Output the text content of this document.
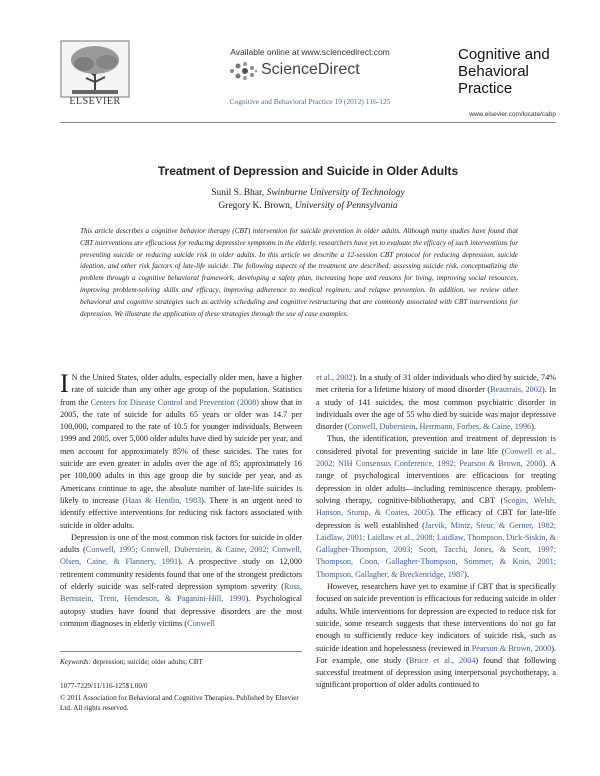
ELSEVIER
Available online at www.sciencedirect.com
ScienceDirect
Cognitive and Behavioral Practice 19 (2012) 116-125
Cognitive and
Behavioral
Practice
www.elsevier.com/locate/cabp
Treatment of Depression and Suicide in Older Adults
Sunil S. Bhar, Swinburne University of Technology
Gregory K. Brown, University of Pennsylvania
This article describes a cognitive behavior therapy (CBT) intervention for suicide prevention in older adults. Although many studies have found that CBT interventions are efficacious for reducing depressive symptoms in the elderly, researchers have yet to evaluate the efficacy of such interventions for preventing suicide or reducing suicide risk in older adults. In this article we describe a 12-session CBT protocol for reducing depression, suicide ideation, and other risk factors of late-life suicide. The following aspects of the treatment are described: assessing suicide risk, conceptualizing the problem through a cognitive behavioral framework, developing a safety plan, increasing hope and reasons for living, improving social resources, improving problem-solving skills and efficacy, improving adherence to medical regimen, and relapse prevention. In addition, we review other behavioral and cognitive strategies such as activity scheduling and cognitive restructuring that are commonly associated with CBT interventions for depression. We illustrate the application of these strategies through the use of case examples.

I N the United States, older adults, especially older men, have a higher rate of suicide than any other age group of the population. Statistics from the Centers for Disease Control and Prevention (2008) show that in 2005, the rate of suicide for adults 65 years or older was 14.7 per 100,000, compared to the rate of 10.5 for younger individuals. Between 1999 and 2005, over 5,000 older adults have died by suicide per year, and men account for approximately 85% of these suicides. The rates for suicide are even greater in adults over the age of 85; approximately 16 per 100,000 adults in this age group die by suicide per year, and as Americans continue to age, the absolute number of late-life suicides is likely to increase (Haas & Hendin, 1983). There is an urgent need to identify effective interventions for reducing risk factors associated with suicide in older adults.

Depression is one of the most common risk factors for suicide in older adults (Conwell, 1995; Conwell, Duberstein, & Caine, 2002; Conwell, Olsen, Caine, & Flannery, 1991). A prospective study on 12,000 retirement community residents found that one of the strongest predictors of elderly suicide was self-rated depression symptom severity (Ross, Bernstein, Trent, Hendeson, & Paganini-Hill, 1990). Psychological autopsy studies have found that depressive disorders are the most common diagnoses in elderly victims (Conwell

Keywords: depression; suicide; older adults; CBT
1077-7229/11/116-125$1.00/0
© 2011 Association for Behavioral and Cognitive Therapies. Published by Elsevier Ltd. All rights reserved.

et al., 2002). In a study of 31 older individuals who died by suicide, 74% met criteria for a lifetime history of mood disorder (Beautrais, 2002). In a study of 141 suicides, the most common psychiatric disorder in individuals over the age of 55 who died by suicide was major depressive disorder (Conwell, Duberstein, Herrmann, Forbes, & Caine, 1996).

Thus, the identification, prevention and treatment of depression is considered pivotal for preventing suicide in late life (Conwell et al., 2002; NIH Consensus Conference, 1992; Pearson & Brown, 2000). A range of psychological interventions are efficacious for treating depression in older adults—including reminiscence therapy, problem-solving therapy, cognitive-bibliotherapy, and CBT (Scogin, Welsh, Hanson, Stump, & Coates, 2005). The efficacy of CBT for late-life depression is well established (Jarvik, Mintz, Steur, & Gerner, 1982; Laidlaw, 2001; Laidlaw et al., 2008; Laidlaw, Thompson, Dick-Siskin, & Gallagher-Thompson, 2003; Scott, Tacchi, Jones, & Scott, 1997; Thompson, Coon, Gallagher-Thompson, Sommer, & Koin, 2001; Thompson, Gallagher, & Breckenridge, 1987).

However, researchers have yet to examine if CBT that is specifically focused on suicide prevention is efficacious for reducing suicide in older adults. While interventions for depression are expected to reduce risk for suicide, some research suggests that these interventions do not go far enough to sufficiently reduce key indicators of suicide risk, such as suicide ideation and hopelessness (reviewed in Pearson & Brown, 2000). For example, one study (Bruce et al., 2004) found that following successful treatment of depression using interpersonal psychotherapy, a significant proportion of older adults continued to
